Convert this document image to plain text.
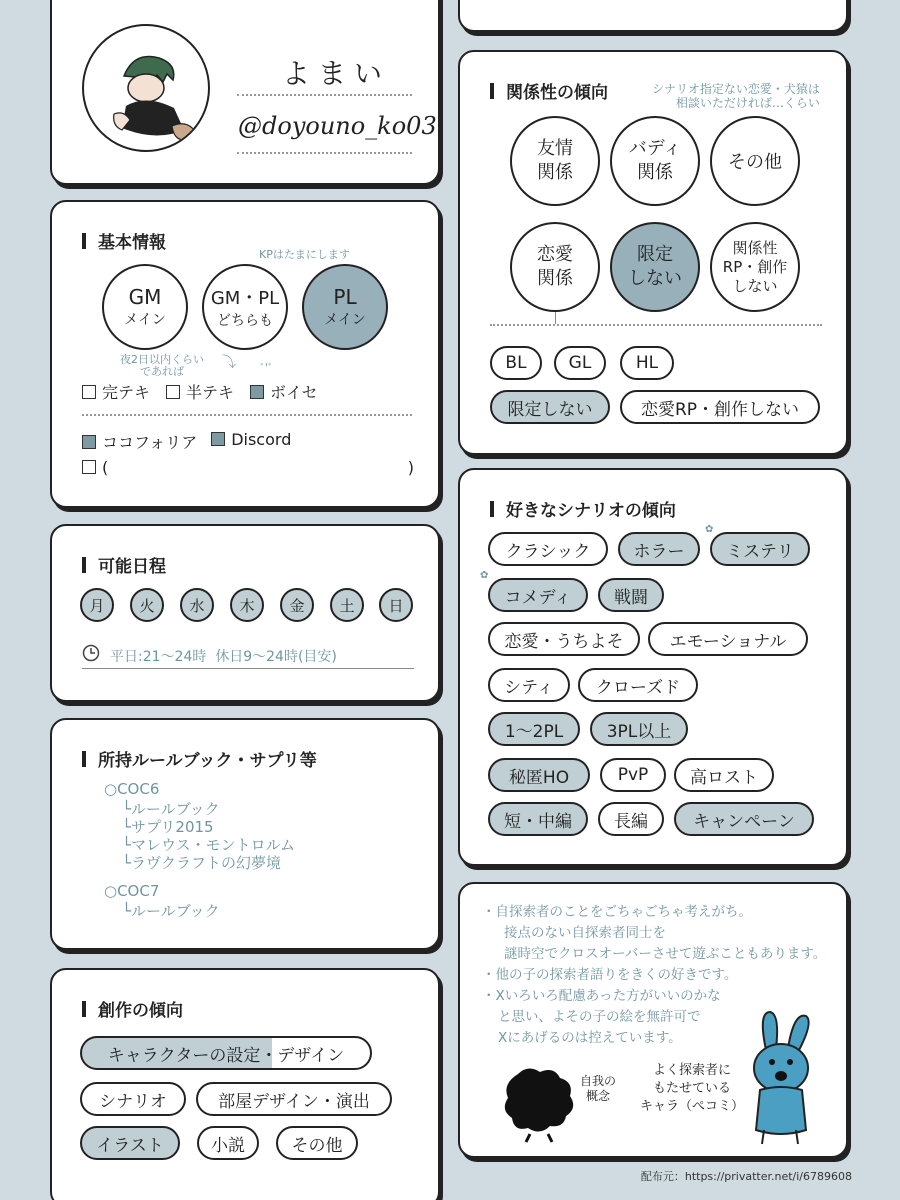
よまい
@doyouno_ko03
基本情報
KPはたまにします
GM
メイン
GM・PL
どちらも
PL
メイン
夜2日以内くらい
であれば
⤵ ﾞ'ﾞ
完テキ	半テキ	ボイセ
ココフォリア	Discord
(	)
可能日程
月	火	水	木	金	土	日
平日:21〜24時  休日9〜24時(目安)
所持ルールブック・サプリ等
○COC6
└ルールブック
└サプリ2015
└マレウス・モントロルム
└ラヴクラフトの幻夢境
○COC7
└ルールブック
創作の傾向
キャラクターの設定・デザイン
シナリオ	部屋デザイン・演出
イラスト	小説	その他
関係性の傾向	シナリオ指定ない恋愛・犬猿は
相談いただければ…くらい
友情
関係
バディ
関係	その他
恋愛
関係
限定
しない
関係性
RP・創作
しない
BL	GL	HL
限定しない	恋愛RP・創作しない
好きなシナリオの傾向
クラシック	ホラー	ミステリ
✿
コメディ
✿
戦闘
恋愛・うちよそ	エモーショナル
シティ	クローズド
1〜2PL	3PL以上
秘匿HO	PvP	高ロスト
短・中編	長編	キャンペーン
・自探索者のことをごちゃごちゃ考えがち。
接点のない自探索者同士を
謎時空でクロスオーバーさせて遊ぶこともあります。
・他の子の探索者語りをきくの好きです。
・Xいろいろ配慮あった方がいいのかな
と思い、よその子の絵を無許可で
Xにあげるのは控えています。
自我の
概念
よく探索者に
もたせている
キャラ（ぺコミ）
配布元：https://privatter.net/i/6789608
